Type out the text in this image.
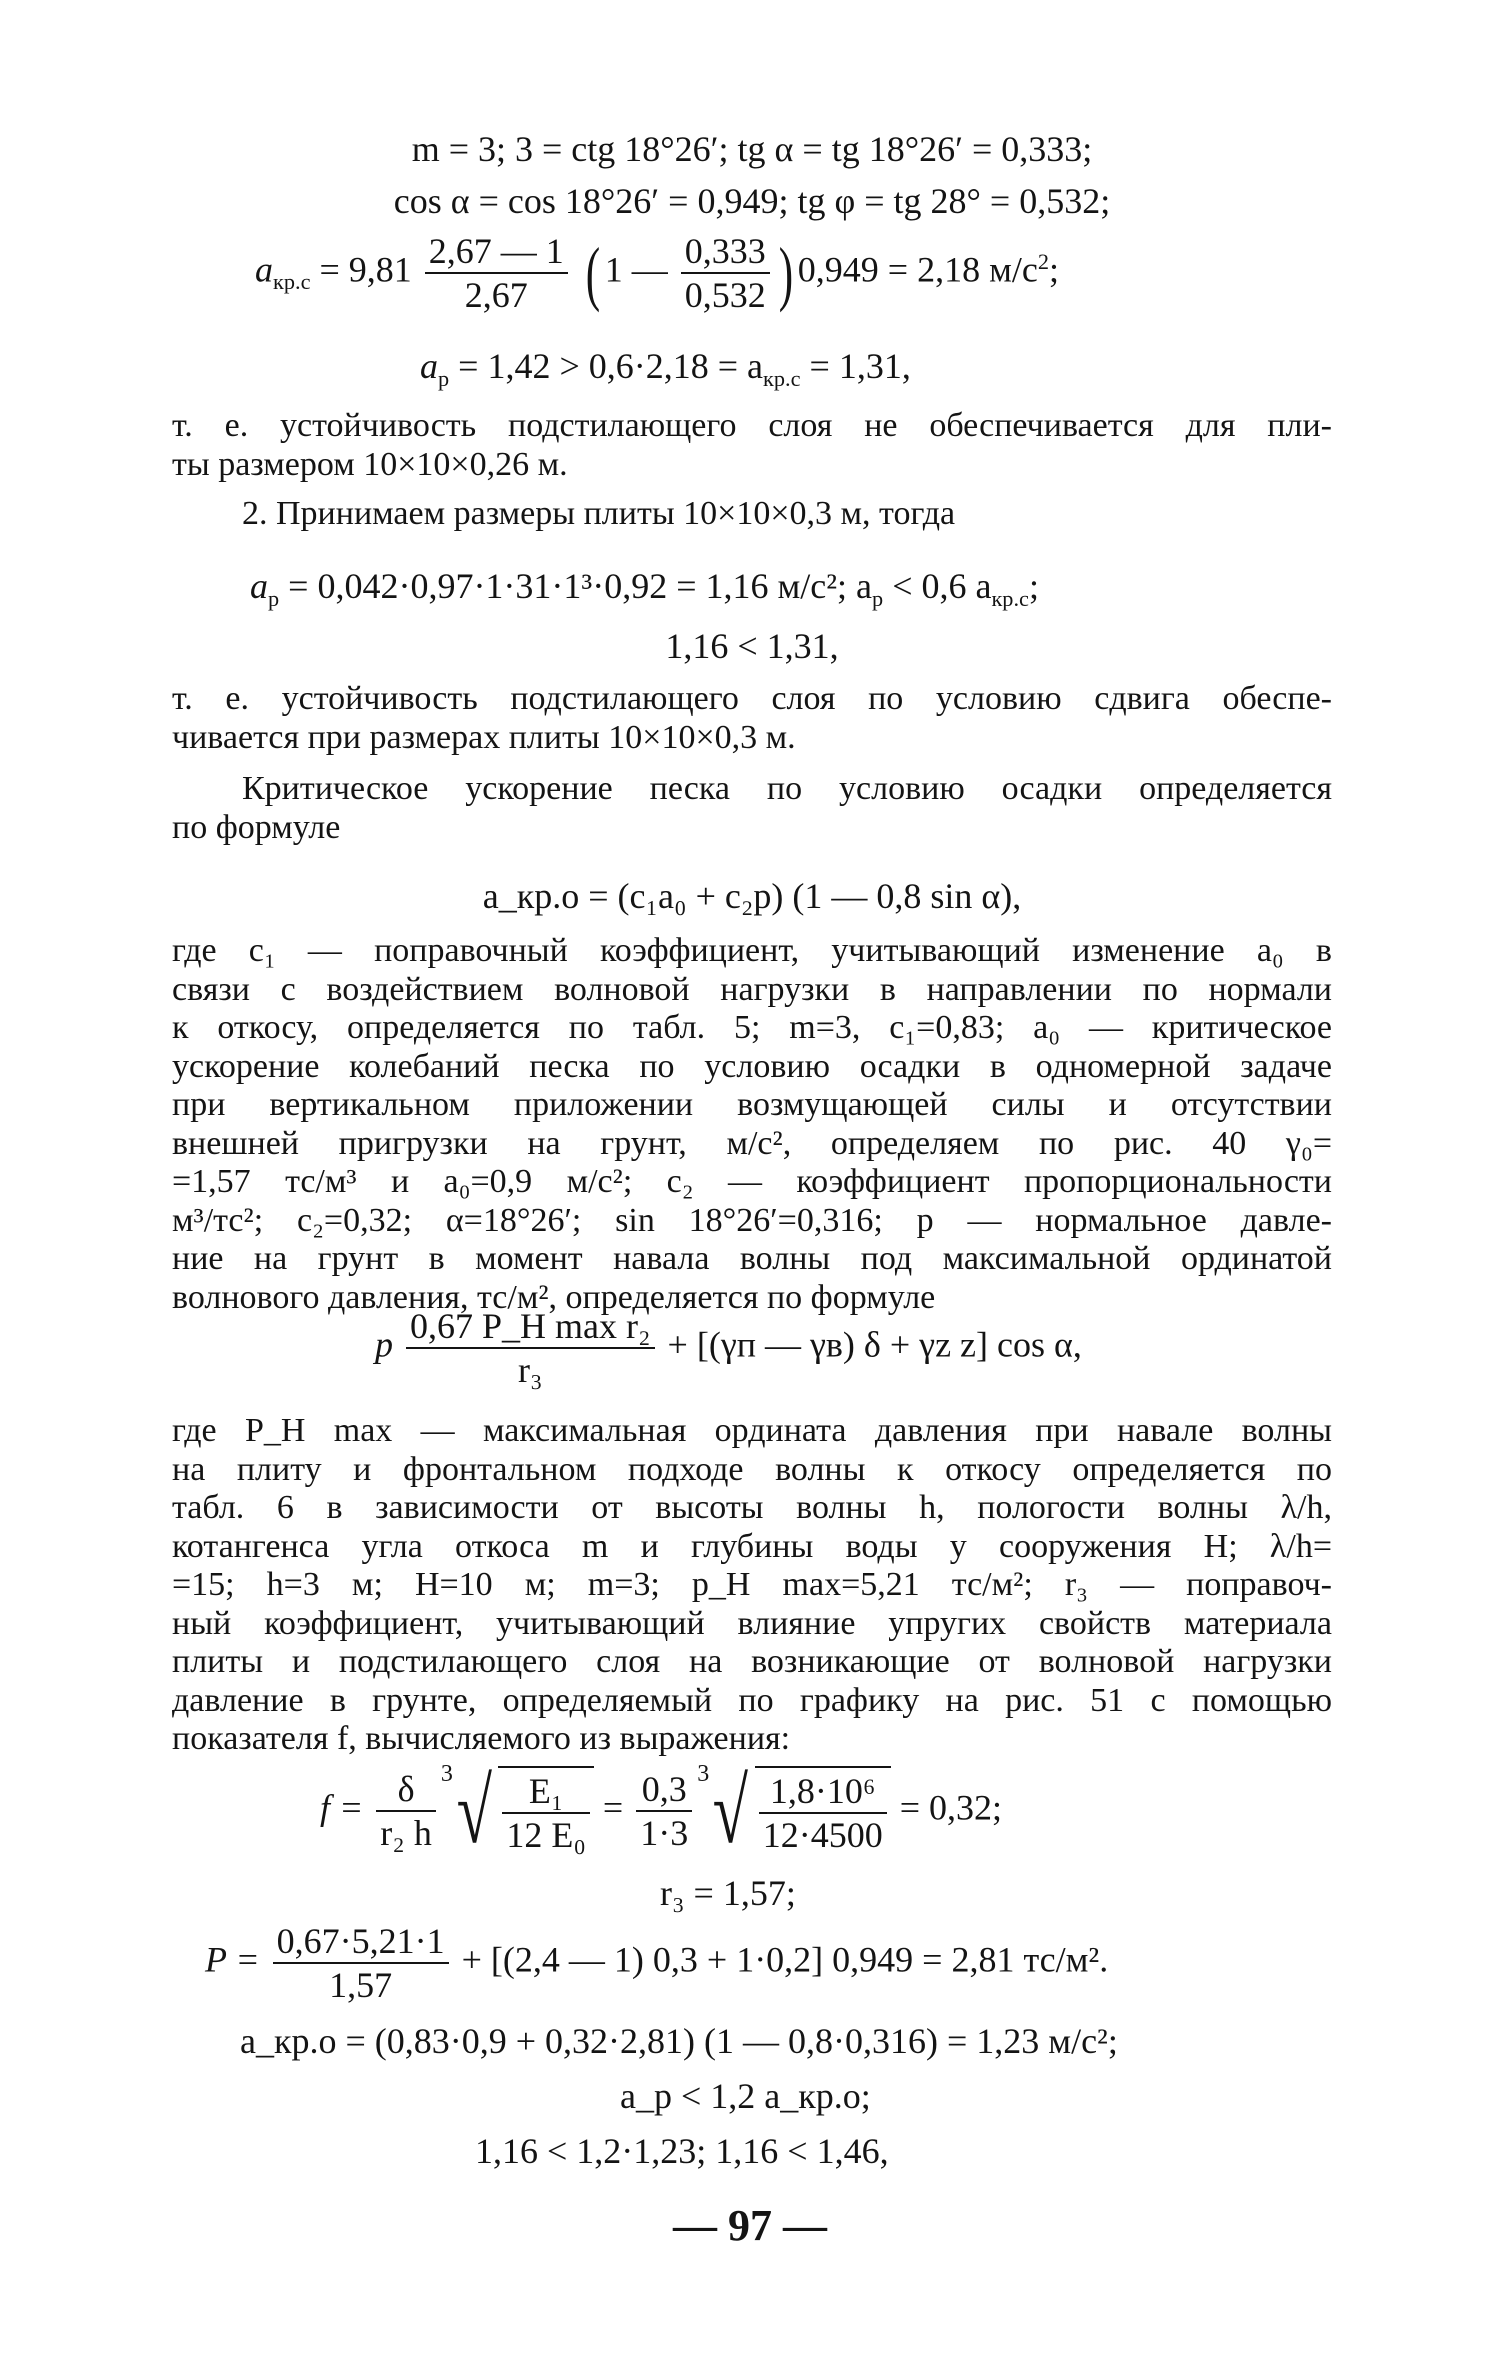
m = 3; 3 = ctg 18°26′; tg α = tg 18°26′ = 0,333;
cos α = cos 18°26′ = 0,949; tg φ = tg 28° = 0,532;
$a_{кр.с} = 9,81 \frac{2,67 — 1}{2,67}$ ( 1 — $\frac{0,333}{0,532}$ ) 0,949 = 2,18 $м/с^2$;
$a_р = 1,42 > 0,6\cdot 2,18 = a_{кр.с} = 1,31$,
т. е. устойчивость подстилающего слоя не обеспечивается для пли-
ты размером 10×10×0,26 м.
2. Принимаем размеры плиты 10×10×0,3 м, тогда
$a_р = 0,042\cdot 0,97\cdot 1\cdot 31\cdot 1^3\cdot 0,92 = 1,16$ м/с²; $a_р < 0,6$ $a_{кр.с}$;
1,16 < 1,31,
т. е. устойчивость подстилающего слоя по условию сдвига обеспе-
чивается при размерах плиты 10×10×0,3 м.
Критическое ускорение песка по условию осадки определяется
по формуле
a_кр.о = (c₁a₀ + c₂p) (1 — 0,8 sin α),
где c₁ — поправочный коэффициент, учитывающий изменение a₀ в
связи с воздействием волновой нагрузки в направлении по нормали
к откосу, определяется по табл. 5; m=3, c₁=0,83; a₀ — критическое
ускорение колебаний песка по условию осадки в одномерной задаче
при вертикальном приложении возмущающей силы и отсутствии
внешней пригрузки на грунт, м/с², определяем по рис. 40 γ₀=
=1,57 тс/м³ и a₀=0,9 м/с²; c₂ — коэффициент пропорциональности
м³/тс²; c₂=0,32; α=18°26′; sin 18°26′=0,316; p — нормальное давле-
ние на грунт в момент навала волны под максимальной ординатой
волнового давления, тс/м², определяется по формуле
p $\frac{\text{0,67 P\_H max r₂}}{\text{r₃}} + [(\gamma п$ — γв) δ + γz z] cos α,
где P_H max — максимальная ордината давления при навале волны
на плиту и фронтальном подходе волны к откосу определяется по
табл. 6 в зависимости от высоты волны h, пологости волны λ/h,
котангенса угла откоса m и глубины воды у сооружения H; λ/h=
=15; h=3 м; H=10 м; m=3; p_H max=5,21 тс/м²; r₃ — поправоч-
ный коэффициент, учитывающий влияние упругих свойств материала
плиты и подстилающего слоя на возникающие от волновой нагрузки
давление в грунте, определяемый по графику на рис. 51 с помощью
показателя f, вычисляемого из выражения:
$f = \frac{\delta}{\text{r₂ h}}$
3 √ $\frac{\text{E₁}}{\text{12 E₀}} = \frac{0,3}{1\cdot 3}$
3 √ $\frac{\text{1,8·10⁶}}{12\cdot 4500} = 0,32$;
r₃ = 1,57;
$P = \frac{0,67\cdot 5,21\cdot 1}{1,57} + [(2,4$ — 1) 0,3 + 1·0,2] 0,949 = 2,81 тс/м².
a_кр.о = (0,83·0,9 + 0,32·2,81) (1 — 0,8·0,316) = 1,23 м/с²;
a_р < 1,2 a_кр.о;
1,16 < 1,2·1,23; 1,16 < 1,46,
— 97 —
